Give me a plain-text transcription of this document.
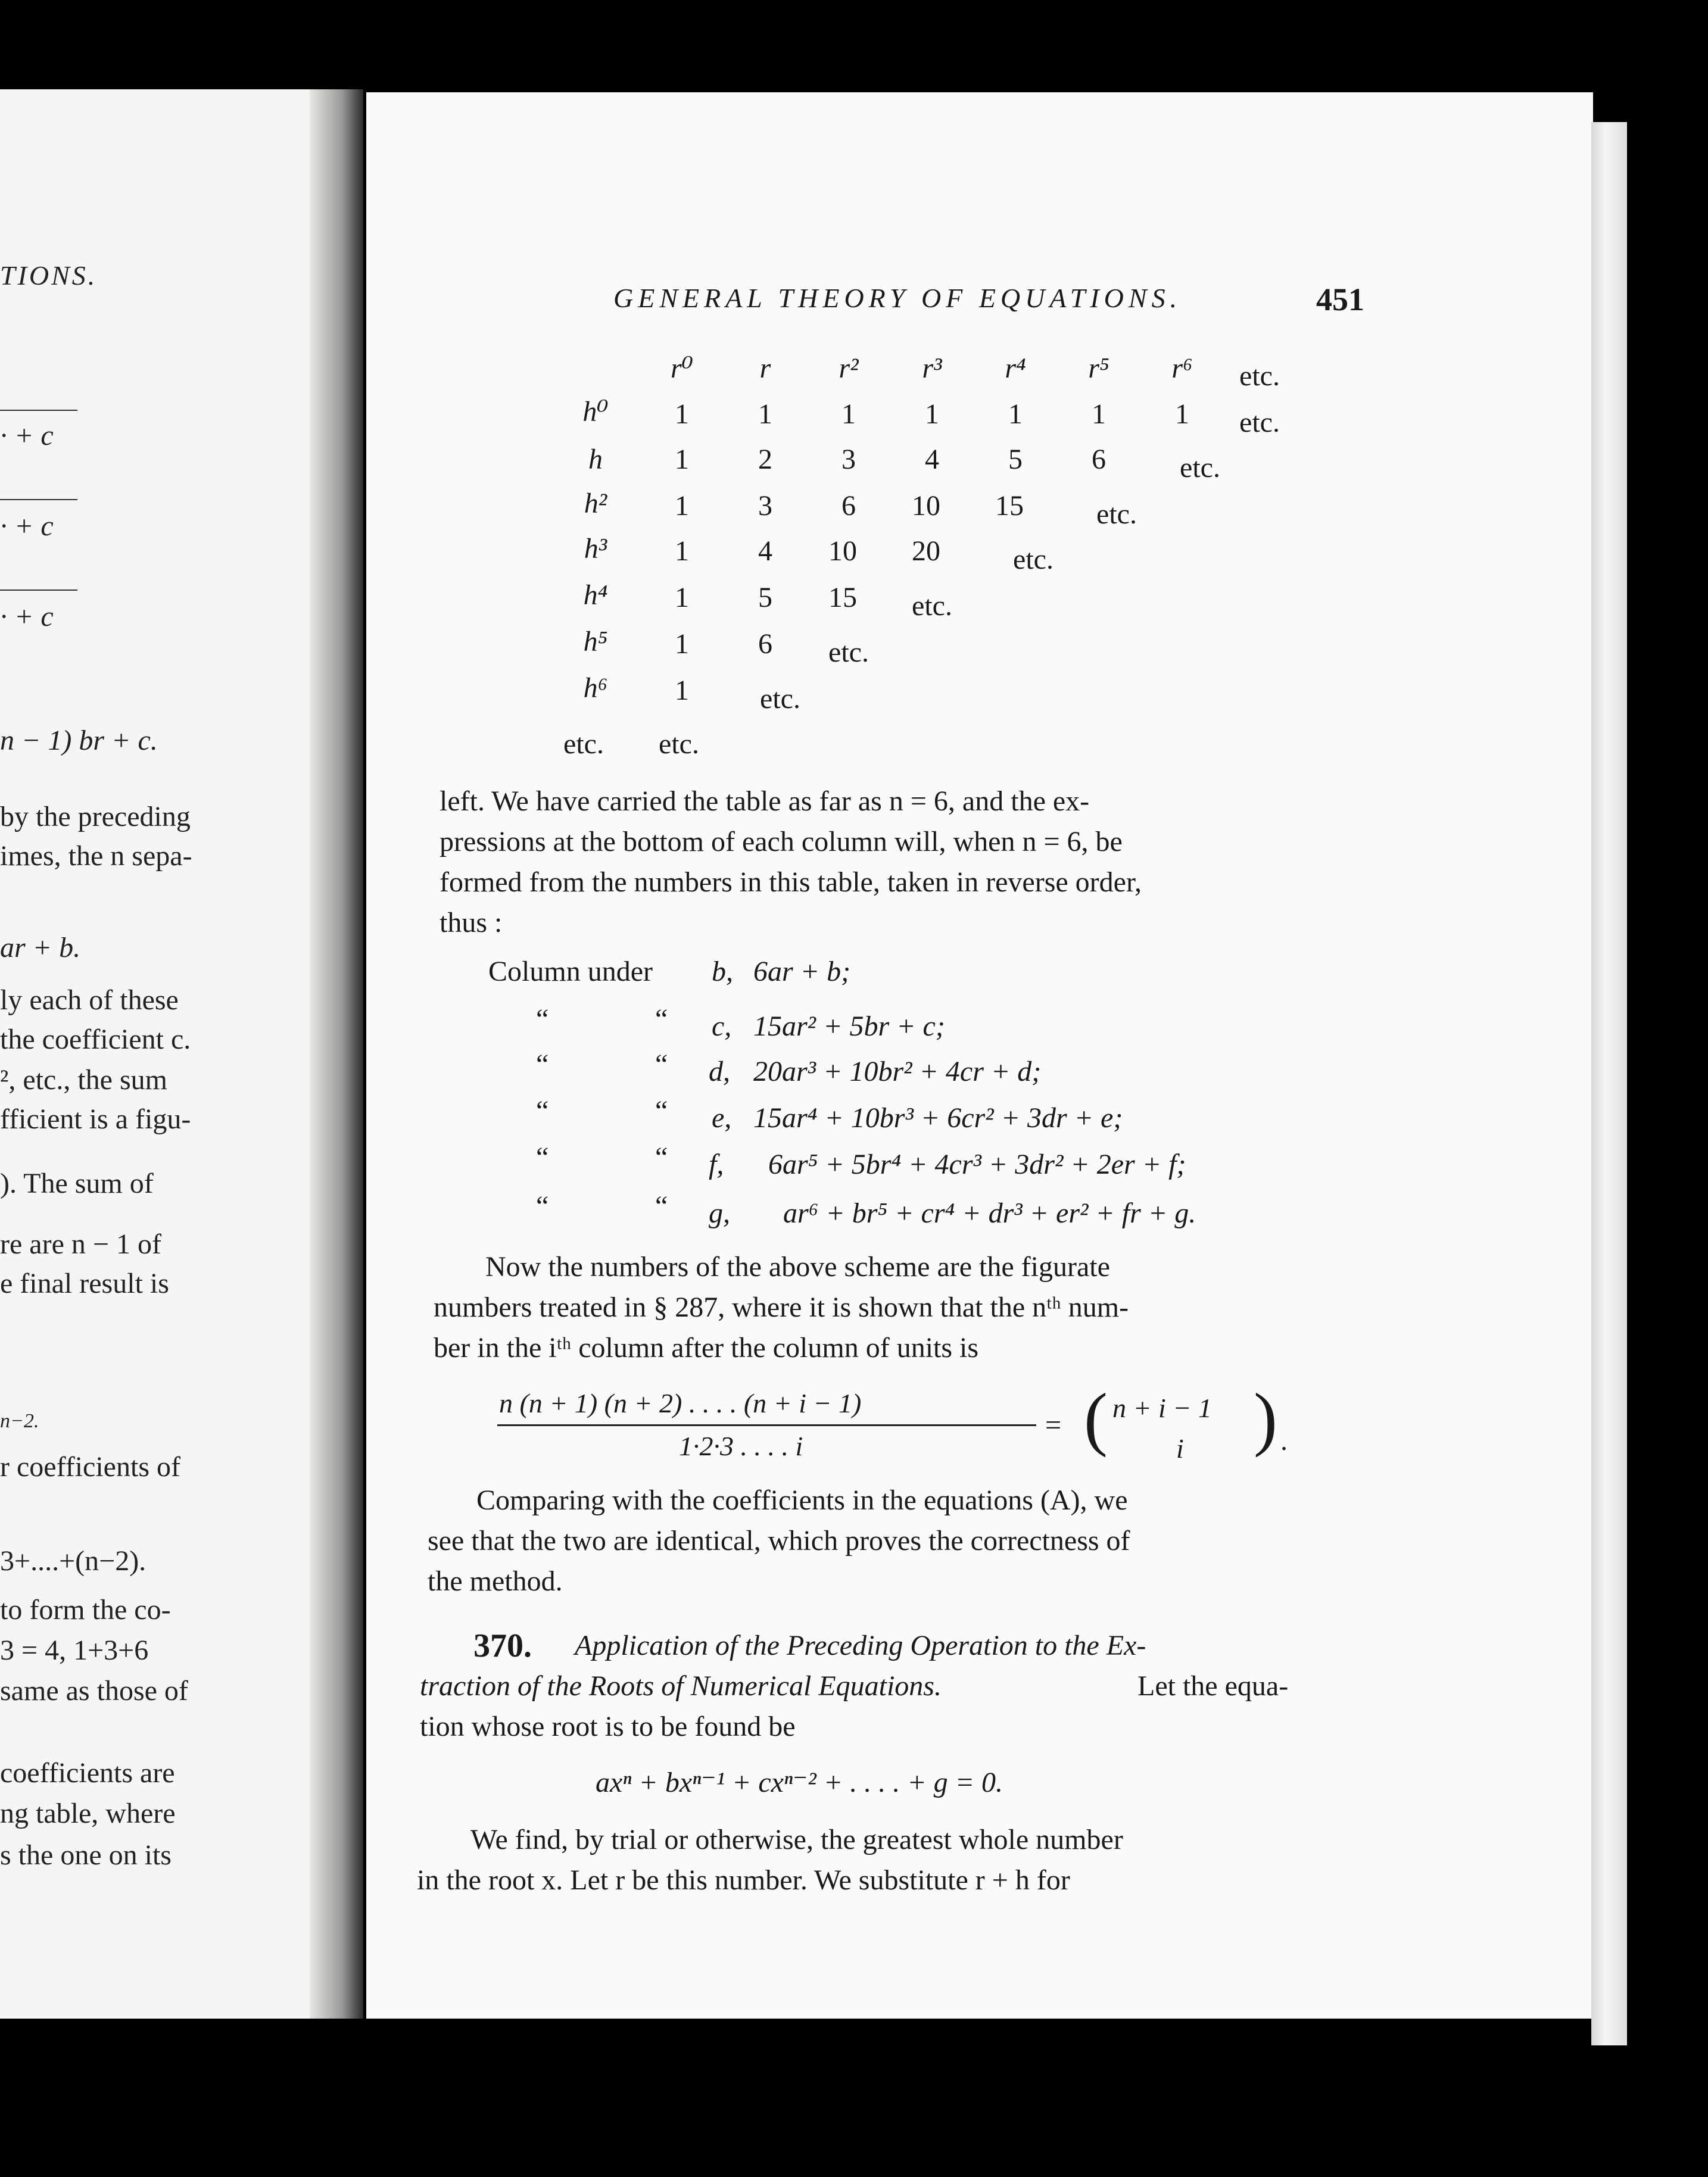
TIONS.
· + c
· + c
· + c
n − 1) br + c.
by the preceding
imes, the n sepa-
ar + b.
ly each of these
the coefficient c.
², etc., the sum
fficient is a figu-
). The sum of
re are n − 1 of
e final result is
n−2.
r coefficients of
3+....+(n−2).
to form the co-
3 = 4, 1+3+6
same as those of
coefficients are
ng table, where
s the one on its
GENERAL THEORY OF EQUATIONS.	451
r⁰	r	r²	r³	r⁴	r⁵	r⁶	etc.
h⁰	1	1	1	1	1	1	1	etc.
h	1	2	3	4	5	6	etc.
h²	1	3	6	10	15	etc.
h³	1	4	10	20	etc.
h⁴	1	5	15	etc.
h⁵	1	6	etc.
h⁶	1	etc.
etc.	etc.
left. We have carried the table as far as n = 6, and the ex-
pressions at the bottom of each column will, when n = 6, be
formed from the numbers in this table, taken in reverse order,
thus :
Column under b, 6ar + b;
“	“ c, 15ar² + 5br + c;
“	“ d, 20ar³ + 10br² + 4cr + d;
“	“ e, 15ar⁴ + 10br³ + 6cr² + 3dr + e;
“	“ f, 6ar⁵ + 5br⁴ + 4cr³ + 3dr² + 2er + f;
“	“ g, ar⁶ + br⁵ + cr⁴ + dr³ + er² + fr + g.
Now the numbers of the above scheme are the figurate
numbers treated in § 287, where it is shown that the nᵗʰ num-
ber in the iᵗʰ column after the column of units is
n (n + 1) (n + 2) . . . . (n + i − 1)
1·2·3 . . . . i
= ( n + i − 1
i ) .
Comparing with the coefficients in the equations (A), we
see that the two are identical, which proves the correctness of
the method.
370. Application of the Preceding Operation to the Ex-
traction of the Roots of Numerical Equations.	Let the equa-
tion whose root is to be found be
axⁿ + bxⁿ⁻¹ + cxⁿ⁻² + . . . . + g = 0.
We find, by trial or otherwise, the greatest whole number
in the root x. Let r be this number. We substitute r + h for
